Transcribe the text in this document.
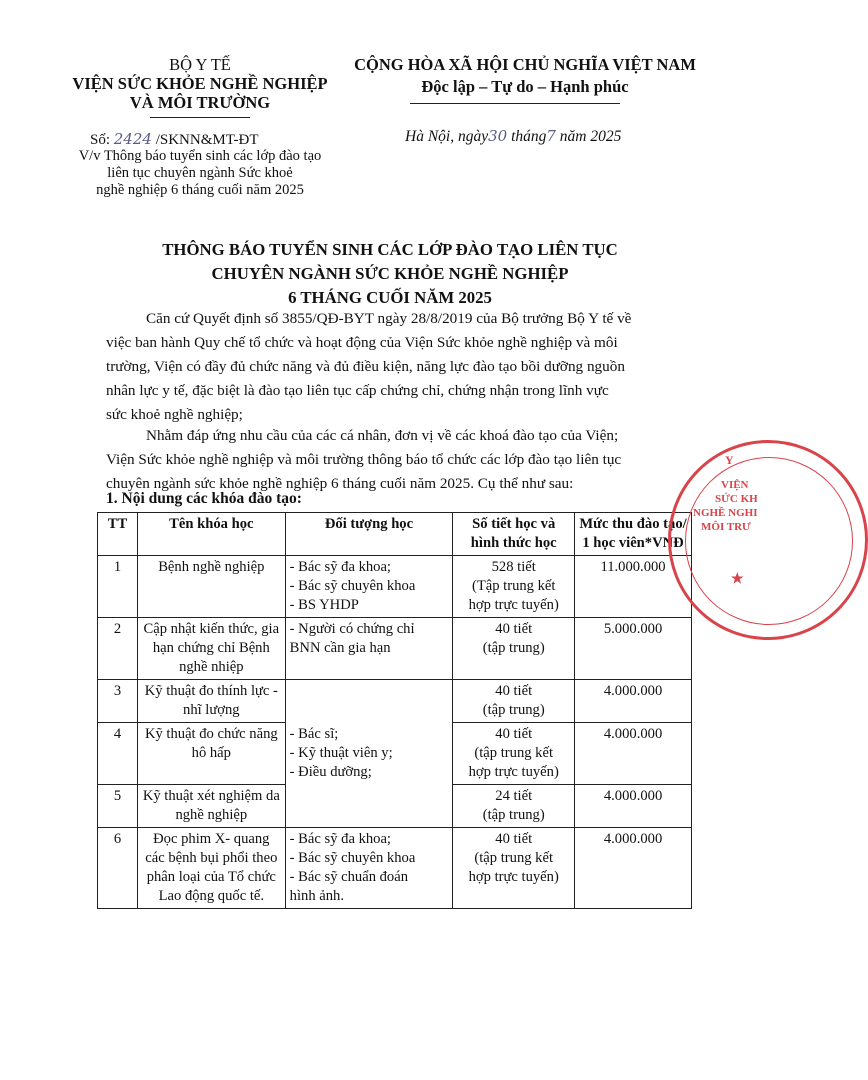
BỘ Y TẾ
VIỆN SỨC KHỎE NGHỀ NGHIỆP
VÀ MÔI TRƯỜNG
Số: 2424 /SKNN&MT-ĐT
V/v Thông báo tuyển sinh các lớp đào tạo
liên tục chuyên ngành Sức khoẻ
nghề nghiệp 6 tháng cuối năm 2025
CỘNG HÒA XÃ HỘI CHỦ NGHĨA VIỆT NAM
Độc lập – Tự do – Hạnh phúc
Hà Nội, ngày30 tháng7 năm 2025
THÔNG BÁO TUYỂN SINH CÁC LỚP ĐÀO TẠO LIÊN TỤC
CHUYÊN NGÀNH SỨC KHỎE NGHỀ NGHIỆP
6 THÁNG CUỐI NĂM 2025
Căn cứ Quyết định số 3855/QĐ-BYT ngày 28/8/2019 của Bộ trưởng Bộ Y tế về
việc ban hành Quy chế tổ chức và hoạt động của Viện Sức khỏe nghề nghiệp và môi
trường, Viện có đầy đủ chức năng và đủ điều kiện, năng lực đào tạo bồi dưỡng nguồn
nhân lực y tế, đặc biệt là đào tạo liên tục cấp chứng chỉ, chứng nhận trong lĩnh vực
sức khoẻ nghề nghiệp;
Nhằm đáp ứng nhu cầu của các cá nhân, đơn vị về các khoá đào tạo của Viện;
Viện Sức khỏe nghề nghiệp và môi trường thông báo tổ chức các lớp đào tạo liên tục
chuyên ngành sức khỏe nghề nghiệp 6 tháng cuối năm 2025. Cụ thể như sau:
1. Nội dung các khóa đào tạo:
TT	Tên khóa học	Đối tượng học	Số tiết học và
hình thức học	Mức thu đào tạo/
1 học viên*VNĐ

1	Bệnh nghề nghiệp	- Bác sỹ đa khoa;
- Bác sỹ chuyên khoa
- BS YHDP	528 tiết
(Tập trung kết
hợp trực tuyến)	11.000.000
2	Cập nhật kiến thức, gia hạn chứng chỉ Bệnh nghề nhiệp	- Người có chứng chỉ
BNN cần gia hạn	40 tiết
(tập trung)	5.000.000
3	Kỹ thuật đo thính lực - nhĩ lượng	- Bác sĩ;
- Kỹ thuật viên y;
- Điều dưỡng;	40 tiết
(tập trung)	4.000.000
4	Kỹ thuật đo chức năng hô hấp		40 tiết
(tập trung kết
hợp trực tuyến)	4.000.000
5	Kỹ thuật xét nghiệm da nghề nghiệp		24 tiết
(tập trung)	4.000.000
6	Đọc phim X- quang các bệnh bụi phổi theo phân loại của Tổ chức Lao động quốc tế.	- Bác sỹ đa khoa;
- Bác sỹ chuyên khoa
- Bác sỹ chuẩn đoán
hình ảnh.	40 tiết
(tập trung kết
hợp trực tuyến)	4.000.000
Y
VIỆN
SỨC KH
NGHỀ NGHI
MÔI TRƯ
★
